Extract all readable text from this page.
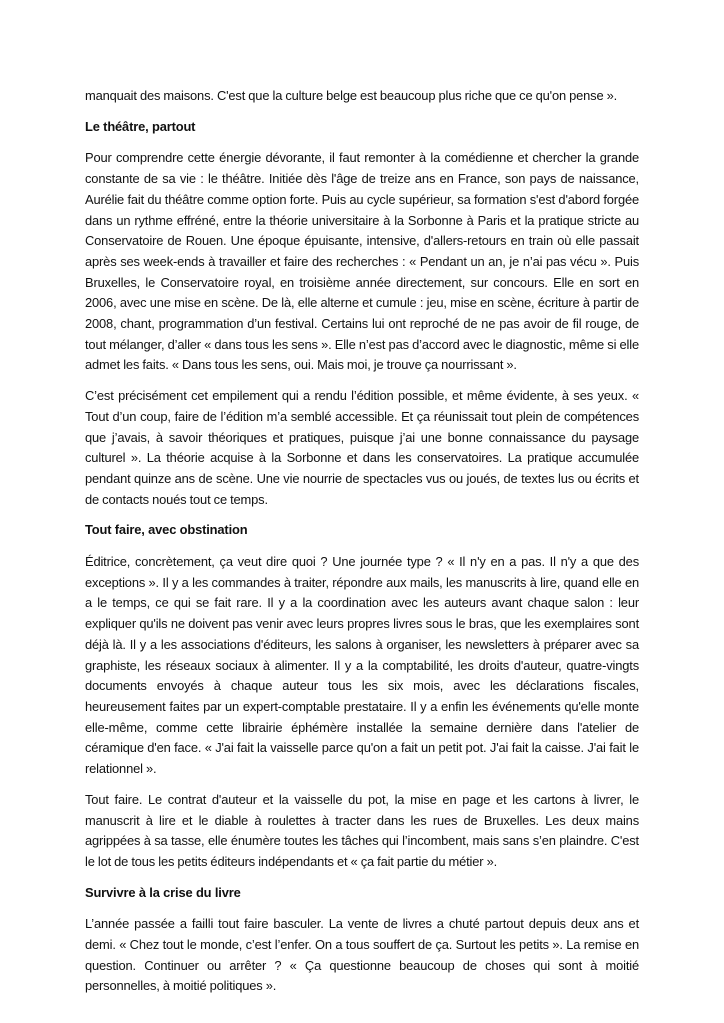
manquait des maisons. C'est que la culture belge est beaucoup plus riche que ce qu'on pense ».

Le théâtre, partout

Pour comprendre cette énergie dévorante, il faut remonter à la comédienne et chercher la grande constante de sa vie : le théâtre. Initiée dès l'âge de treize ans en France, son pays de naissance, Aurélie fait du théâtre comme option forte. Puis au cycle supérieur, sa formation s'est d'abord forgée dans un rythme effréné, entre la théorie universitaire à la Sorbonne à Paris et la pratique stricte au Conservatoire de Rouen. Une époque épuisante, intensive, d'allers-retours en train où elle passait après ses week-ends à travailler et faire des recherches : « Pendant un an, je n’ai pas vécu ». Puis Bruxelles, le Conservatoire royal, en troisième année directement, sur concours. Elle en sort en 2006, avec une mise en scène. De là, elle alterne et cumule : jeu, mise en scène, écriture à partir de 2008, chant, programmation d’un festival. Certains lui ont reproché de ne pas avoir de fil rouge, de tout mélanger, d’aller « dans tous les sens ». Elle n’est pas d’accord avec le diagnostic, même si elle admet les faits. « Dans tous les sens, oui. Mais moi, je trouve ça nourrissant ».

C’est précisément cet empilement qui a rendu l’édition possible, et même évidente, à ses yeux. « Tout d’un coup, faire de l’édition m’a semblé accessible. Et ça réunissait tout plein de compétences que j’avais, à savoir théoriques et pratiques, puisque j’ai une bonne connaissance du paysage culturel ». La théorie acquise à la Sorbonne et dans les conservatoires. La pratique accumulée pendant quinze ans de scène. Une vie nourrie de spectacles vus ou joués, de textes lus ou écrits et de contacts noués tout ce temps.

Tout faire, avec obstination

Éditrice, concrètement, ça veut dire quoi ? Une journée type ? « Il n'y en a pas. Il n'y a que des exceptions ». Il y a les commandes à traiter, répondre aux mails, les manuscrits à lire, quand elle en a le temps, ce qui se fait rare. Il y a la coordination avec les auteurs avant chaque salon : leur expliquer qu'ils ne doivent pas venir avec leurs propres livres sous le bras, que les exemplaires sont déjà là. Il y a les associations d'éditeurs, les salons à organiser, les newsletters à préparer avec sa graphiste, les réseaux sociaux à alimenter. Il y a la comptabilité, les droits d'auteur, quatre-vingts documents envoyés à chaque auteur tous les six mois, avec les déclarations fiscales, heureusement faites par un expert-comptable prestataire. Il y a enfin les événements qu'elle monte elle-même, comme cette librairie éphémère installée la semaine dernière dans l'atelier de céramique d'en face. « J'ai fait la vaisselle parce qu'on a fait un petit pot. J'ai fait la caisse. J'ai fait le relationnel ».

Tout faire. Le contrat d'auteur et la vaisselle du pot, la mise en page et les cartons à livrer, le manuscrit à lire et le diable à roulettes à tracter dans les rues de Bruxelles. Les deux mains agrippées à sa tasse, elle énumère toutes les tâches qui l’incombent, mais sans s’en plaindre. C'est le lot de tous les petits éditeurs indépendants et « ça fait partie du métier ».

Survivre à la crise du livre

L’année passée a failli tout faire basculer. La vente de livres a chuté partout depuis deux ans et demi. « Chez tout le monde, c’est l’enfer. On a tous souffert de ça. Surtout les petits ». La remise en question. Continuer ou arrêter ? « Ça questionne beaucoup de choses qui sont à moitié personnelles, à moitié politiques ».
